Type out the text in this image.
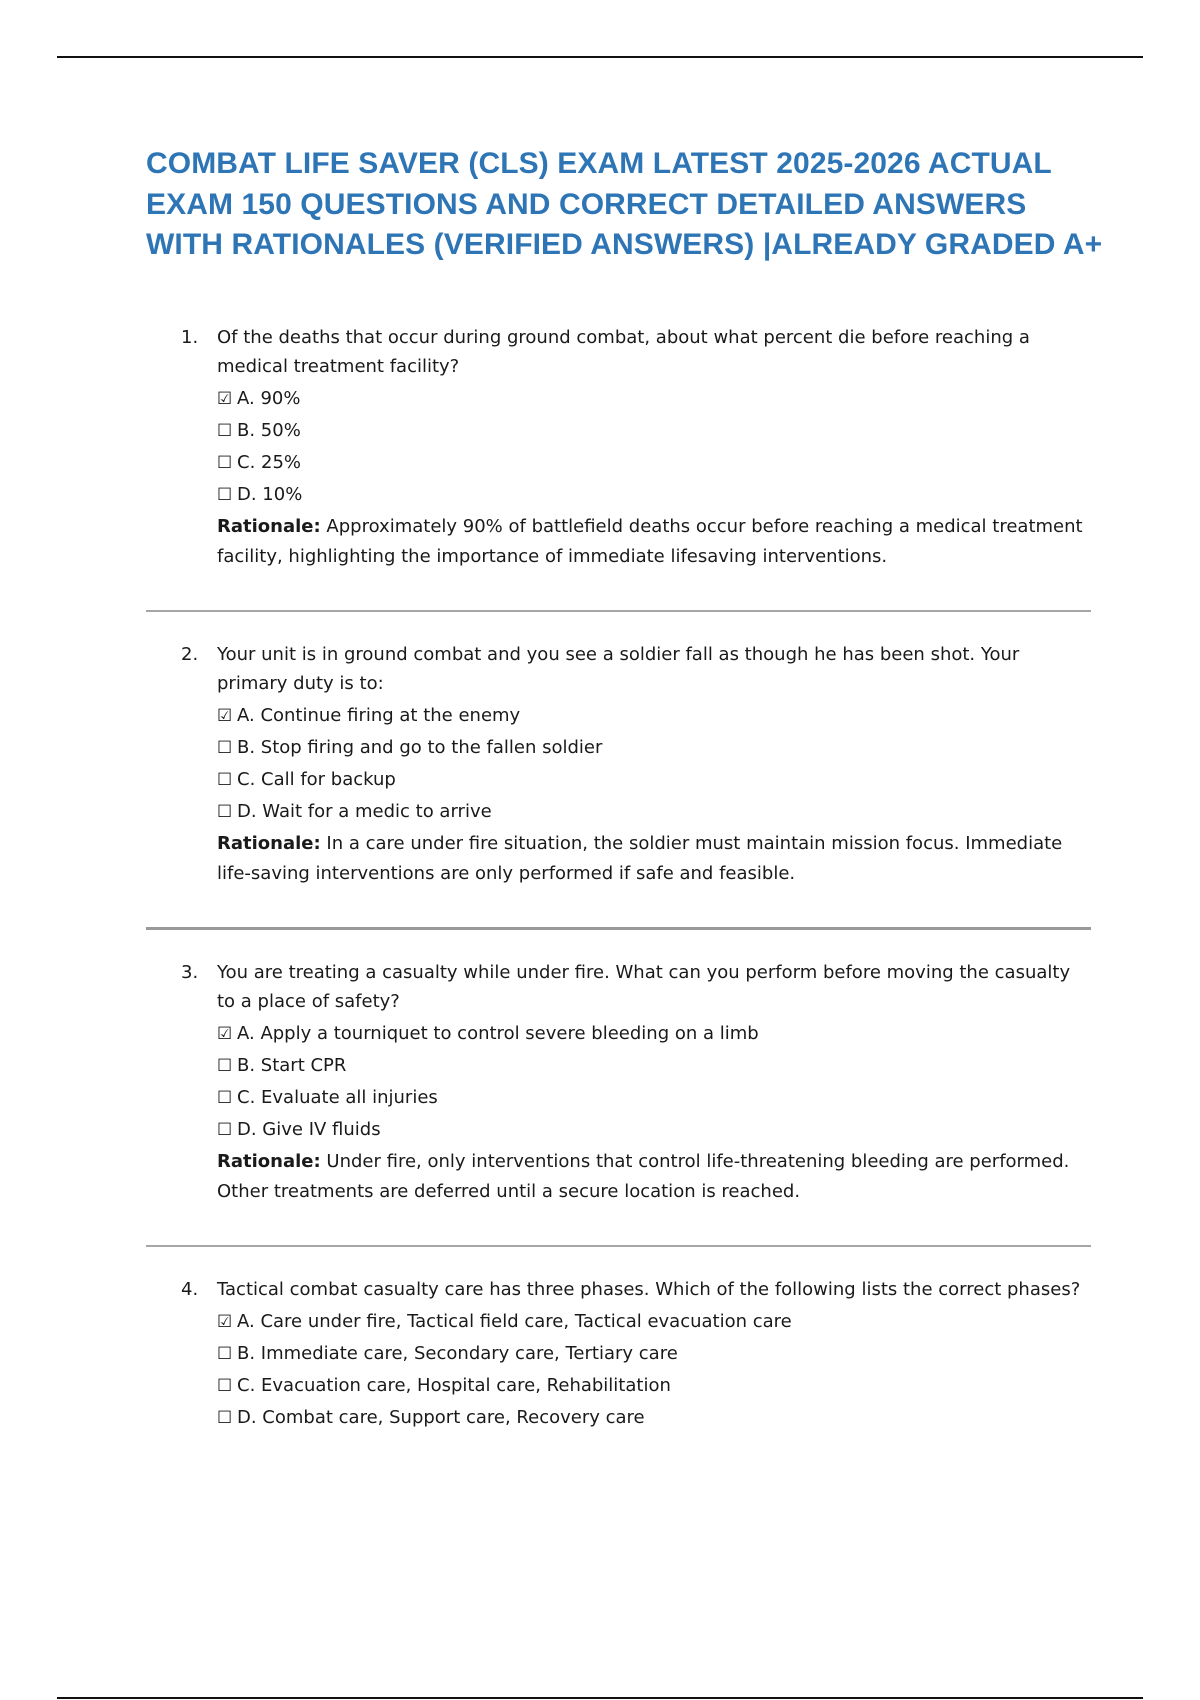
COMBAT LIFE SAVER (CLS) EXAM LATEST 2025-2026 ACTUAL EXAM 150 QUESTIONS AND CORRECT DETAILED ANSWERS WITH RATIONALES (VERIFIED ANSWERS) |ALREADY GRADED A+
1.	Of the deaths that occur during ground combat, about what percent die before reaching a medical treatment facility?
☑ A. 90%
☐ B. 50%
☐ C. 25%
☐ D. 10%
Rationale: Approximately 90% of battlefield deaths occur before reaching a medical treatment facility, highlighting the importance of immediate lifesaving interventions.
2.	Your unit is in ground combat and you see a soldier fall as though he has been shot. Your primary duty is to:
☑ A. Continue firing at the enemy
☐ B. Stop firing and go to the fallen soldier
☐ C. Call for backup
☐ D. Wait for a medic to arrive
Rationale: In a care under fire situation, the soldier must maintain mission focus. Immediate life-saving interventions are only performed if safe and feasible.
3.	You are treating a casualty while under fire. What can you perform before moving the casualty to a place of safety?
☑ A. Apply a tourniquet to control severe bleeding on a limb
☐ B. Start CPR
☐ C. Evaluate all injuries
☐ D. Give IV fluids
Rationale: Under fire, only interventions that control life-threatening bleeding are performed. Other treatments are deferred until a secure location is reached.
4.	Tactical combat casualty care has three phases. Which of the following lists the correct phases?
☑ A. Care under fire, Tactical field care, Tactical evacuation care
☐ B. Immediate care, Secondary care, Tertiary care
☐ C. Evacuation care, Hospital care, Rehabilitation
☐ D. Combat care, Support care, Recovery care
